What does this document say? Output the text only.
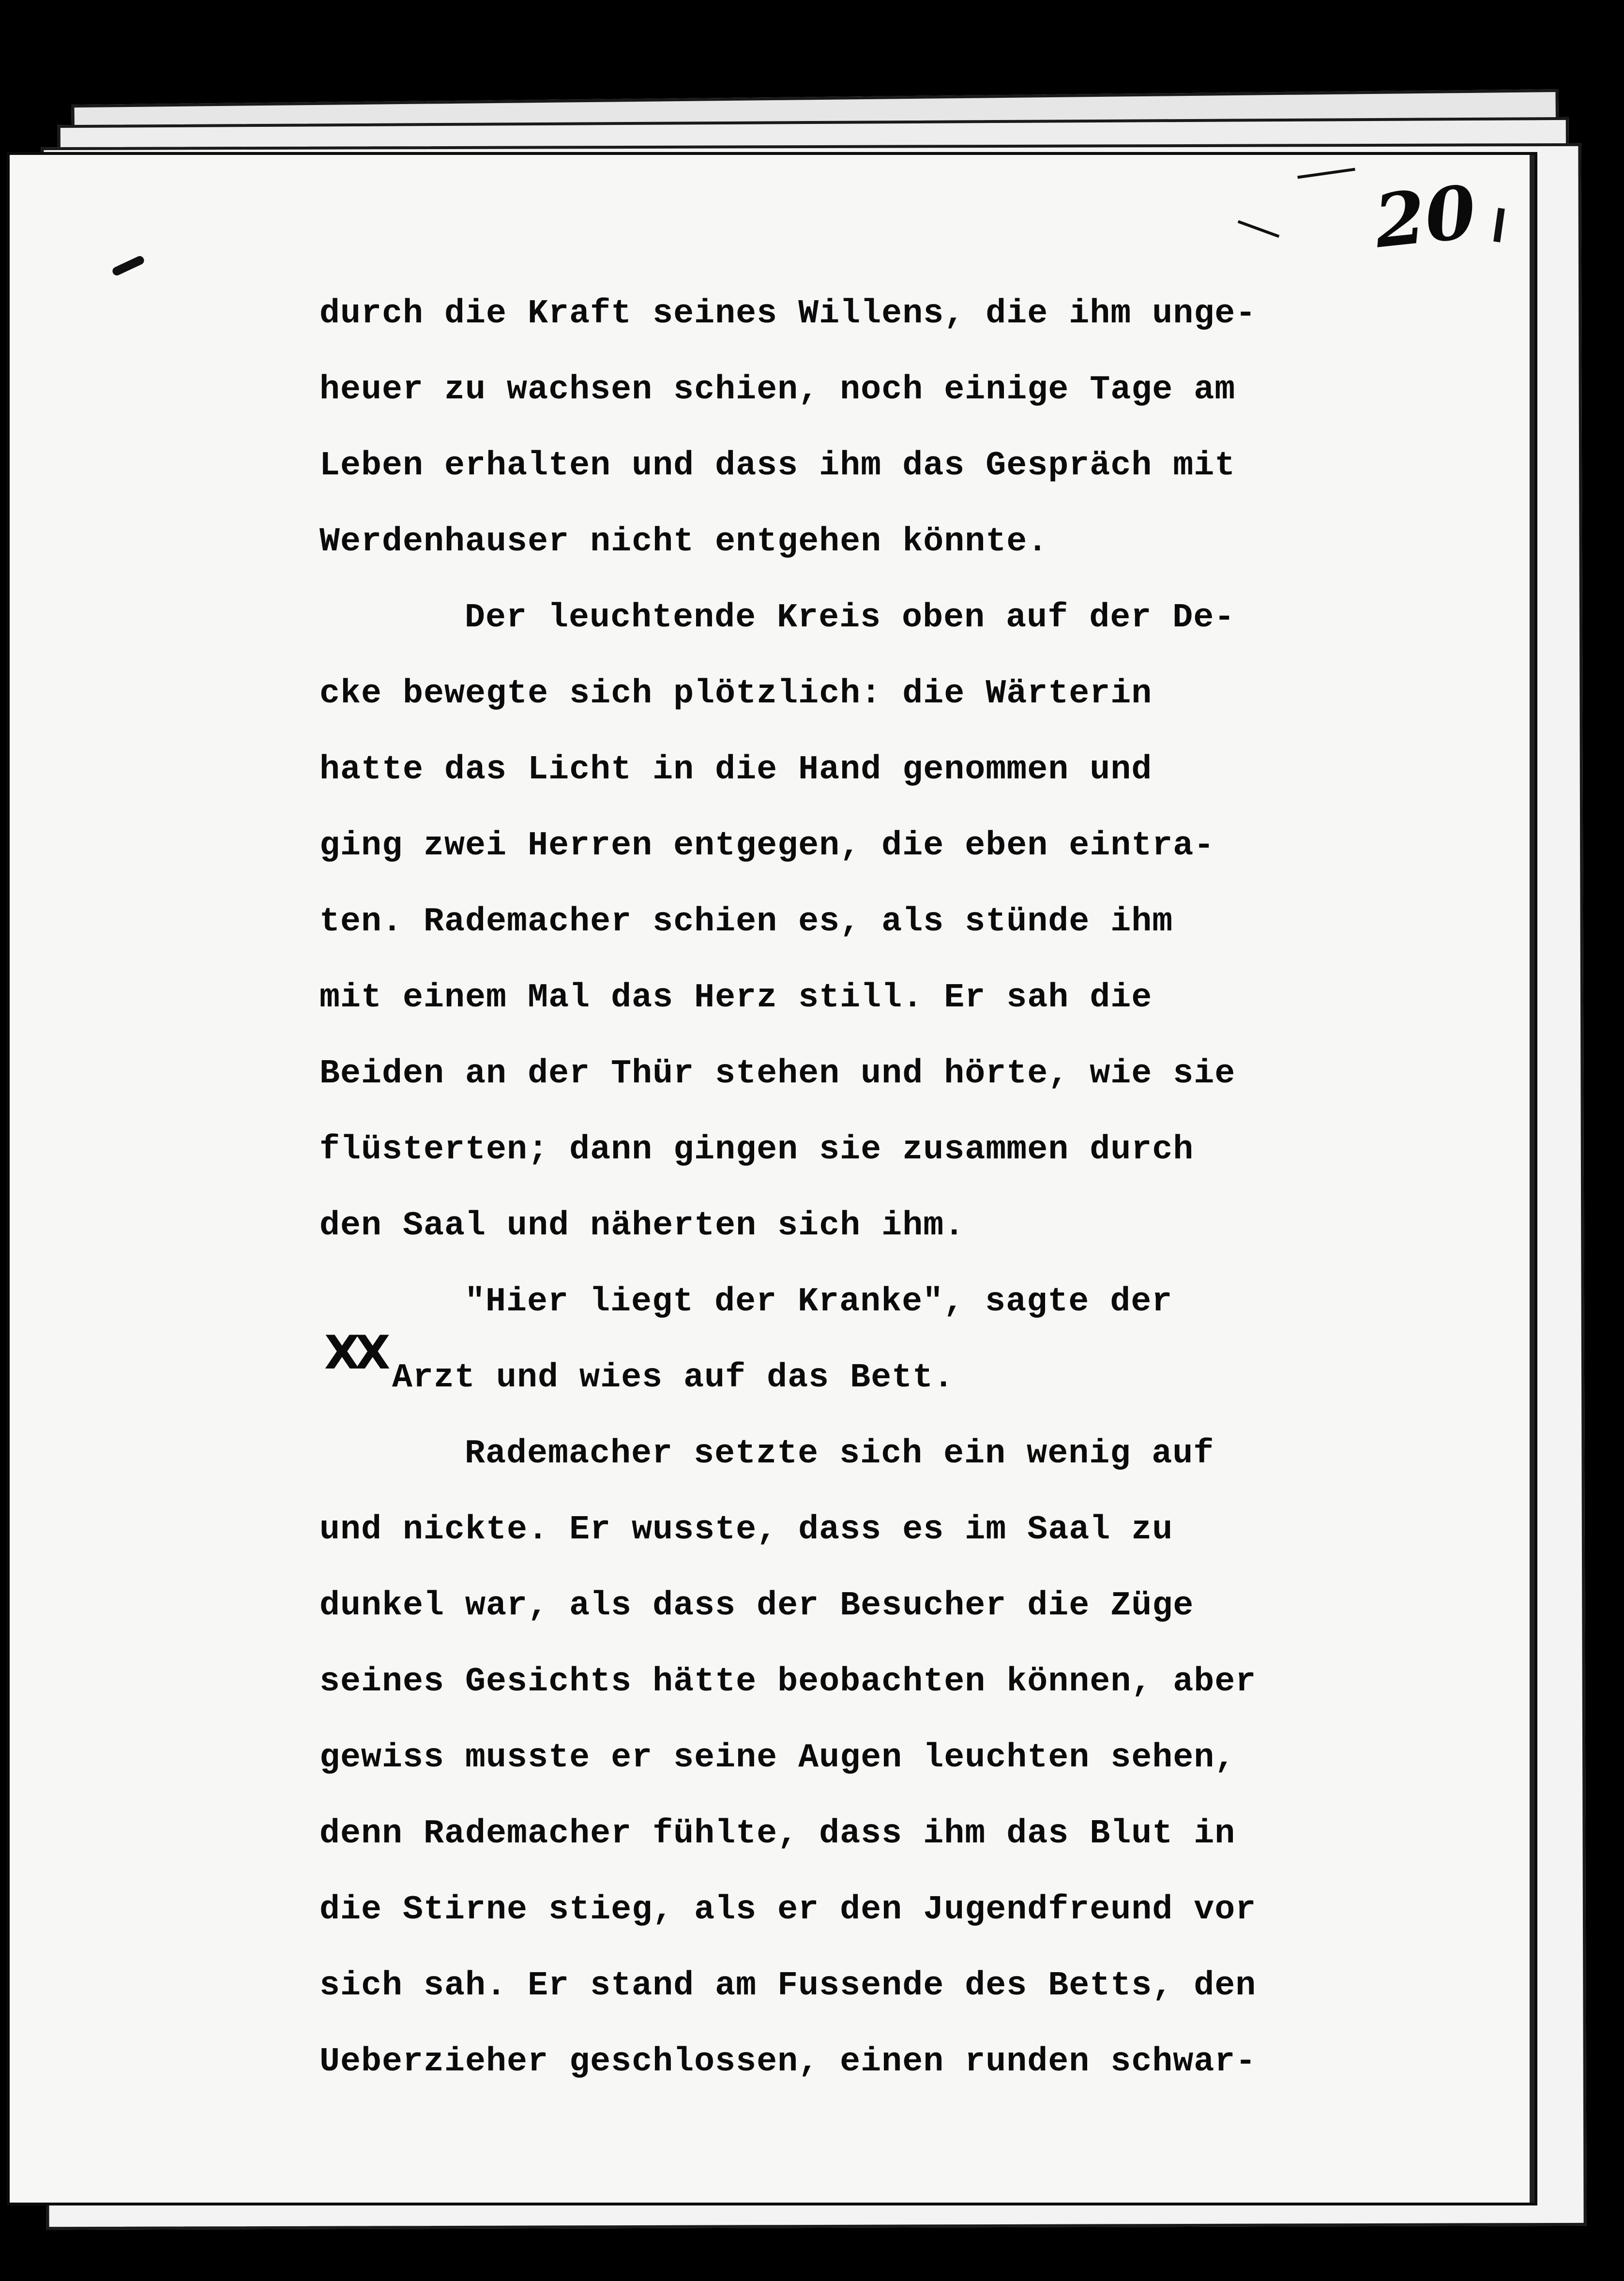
20
XX
durch die Kraft seines Willens, die ihm unge-
heuer zu wachsen schien, noch einige Tage am
Leben erhalten und dass ihm das Gespräch mit
Werdenhauser nicht entgehen könnte.
Der leuchtende Kreis oben auf der De-
cke bewegte sich plötzlich: die Wärterin
hatte das Licht in die Hand genommen und
ging zwei Herren entgegen, die eben eintra-
ten. Rademacher schien es, als stünde ihm
mit einem Mal das Herz still. Er sah die
Beiden an der Thür stehen und hörte, wie sie
flüsterten; dann gingen sie zusammen durch
den Saal und näherten sich ihm.
"Hier liegt der Kranke", sagte der
Arzt und wies auf das Bett.
Rademacher setzte sich ein wenig auf
und nickte. Er wusste, dass es im Saal zu
dunkel war, als dass der Besucher die Züge
seines Gesichts hätte beobachten können, aber
gewiss musste er seine Augen leuchten sehen,
denn Rademacher fühlte, dass ihm das Blut in
die Stirne stieg, als er den Jugendfreund vor
sich sah. Er stand am Fussende des Betts, den
Ueberzieher geschlossen, einen runden schwar-
